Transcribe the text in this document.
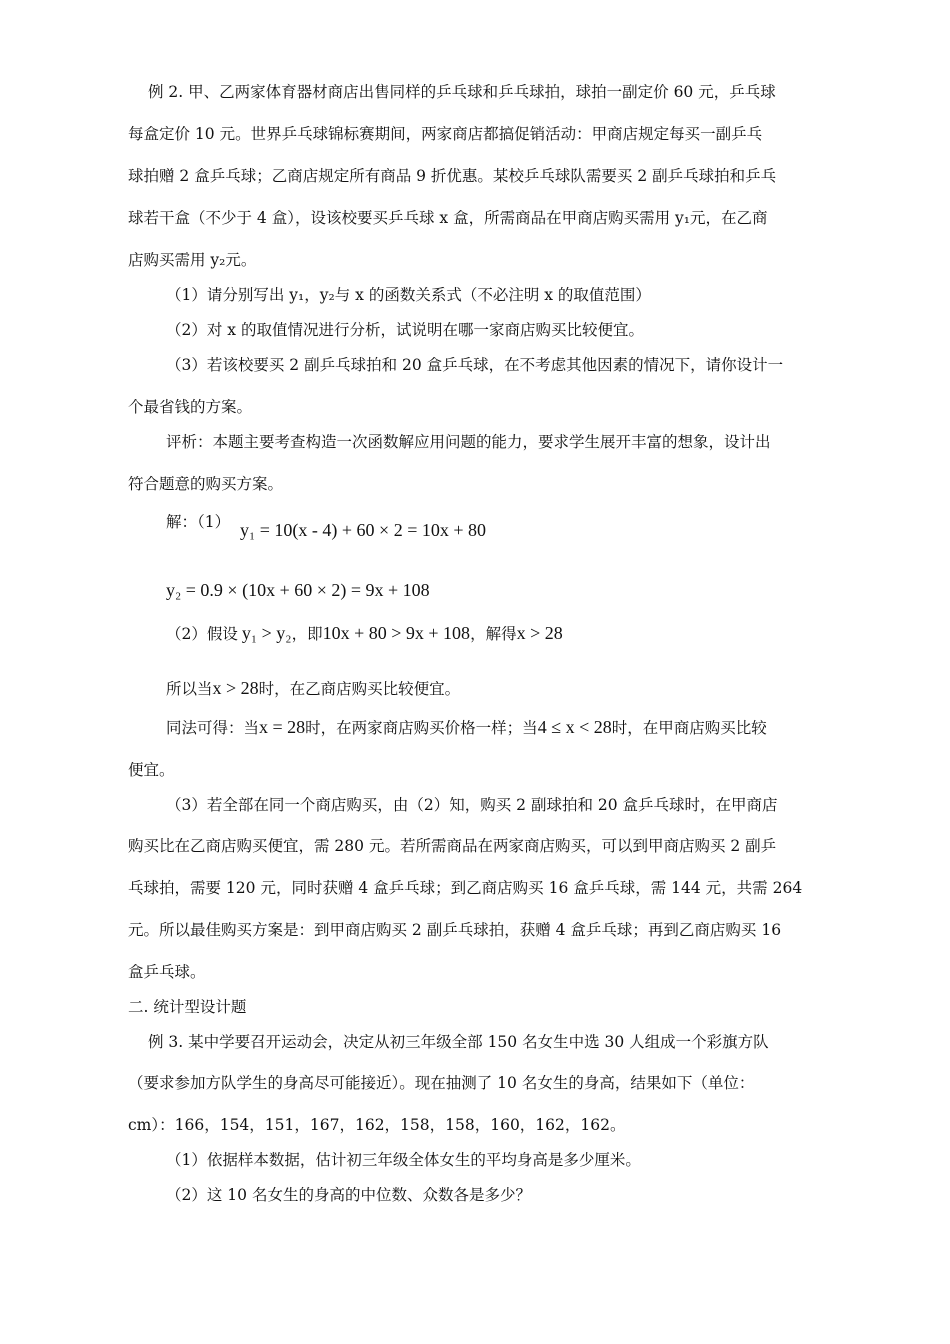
例 2. 甲、乙两家体育器材商店出售同样的乒乓球和乒乓球拍，球拍一副定价 60 元，乒乓球
每盒定价 10 元。世界乒乓球锦标赛期间，两家商店都搞促销活动：甲商店规定每买一副乒乓
球拍赠 2 盒乒乓球；乙商店规定所有商品 9 折优惠。某校乒乓球队需要买 2 副乒乓球拍和乒乓
球若干盒（不少于 4 盒），设该校要买乒乓球 x 盒，所需商品在甲商店购买需用 y₁元，在乙商
店购买需用 y₂元。
（1）请分别写出 y₁，y₂与 x 的函数关系式（不必注明 x 的取值范围）
（2）对 x 的取值情况进行分析，试说明在哪一家商店购买比较便宜。
（3）若该校要买 2 副乒乓球拍和 20 盒乒乓球，在不考虑其他因素的情况下，请你设计一
个最省钱的方案。
评析：本题主要考查构造一次函数解应用问题的能力，要求学生展开丰富的想象，设计出
符合题意的购买方案。
解：（1） y₁ = 10(x - 4) + 60 × 2 = 10x + 80
y₂ = 0.9 × (10x + 60 × 2) = 9x + 108
（2）假设 y₁ > y₂，即10x + 80 > 9x + 108，解得x > 28
所以当x > 28时，在乙商店购买比较便宜。
同法可得：当x = 28时，在两家商店购买价格一样；当4 ≤ x < 28时，在甲商店购买比较
便宜。
（3）若全部在同一个商店购买，由（2）知，购买 2 副球拍和 20 盒乒乓球时，在甲商店
购买比在乙商店购买便宜，需 280 元。若所需商品在两家商店购买，可以到甲商店购买 2 副乒
乓球拍，需要 120 元，同时获赠 4 盒乒乓球；到乙商店购买 16 盒乒乓球，需 144 元，共需 264
元。所以最佳购买方案是：到甲商店购买 2 副乒乓球拍，获赠 4 盒乒乓球；再到乙商店购买 16
盒乒乓球。
二. 统计型设计题
例 3. 某中学要召开运动会，决定从初三年级全部 150 名女生中选 30 人组成一个彩旗方队
（要求参加方队学生的身高尽可能接近）。现在抽测了 10 名女生的身高，结果如下（单位：
cm）：166，154，151，167，162，158，158，160，162，162。
（1）依据样本数据，估计初三年级全体女生的平均身高是多少厘米。
（2）这 10 名女生的身高的中位数、众数各是多少？
